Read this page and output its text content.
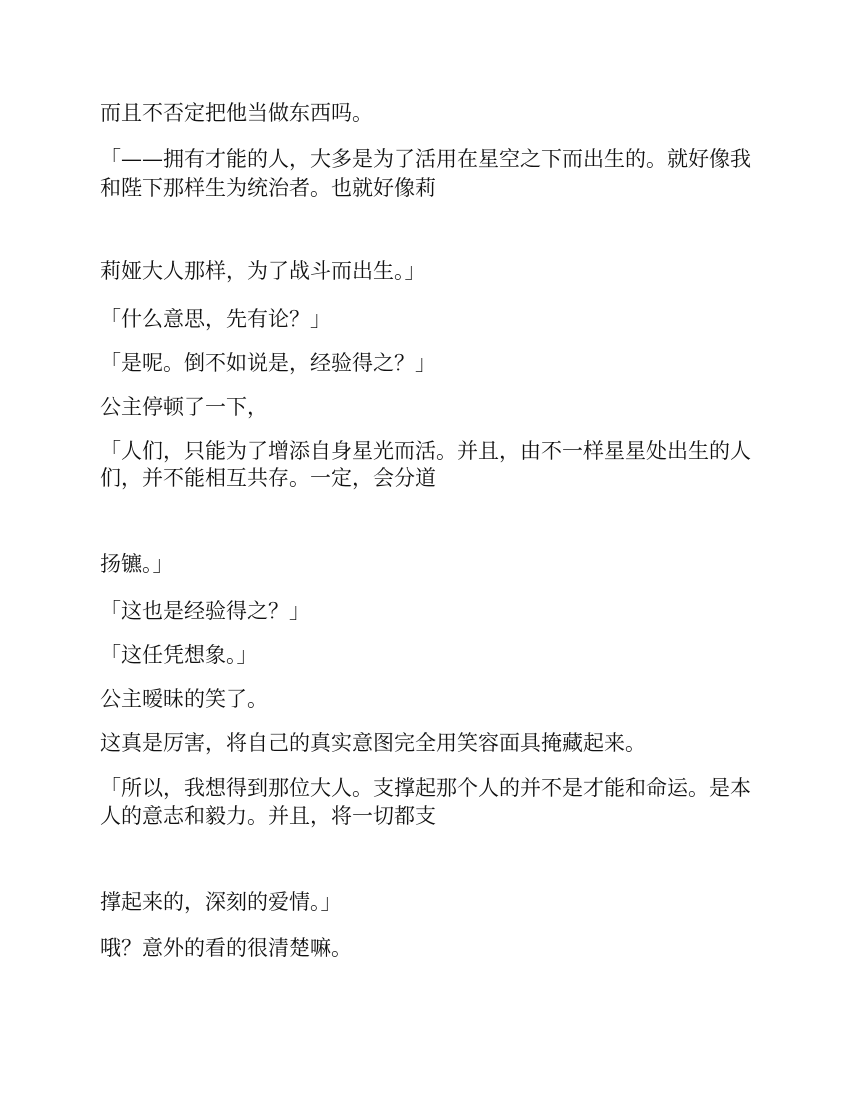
而且不否定把他当做东西吗。

「——拥有才能的人，大多是为了活用在星空之下而出生的。就好像我

和陛下那样生为统治者。也就好像莉

莉娅大人那样，为了战斗而出生。」

「什么意思，先有论？」

「是呢。倒不如说是，经验得之？」

公主停顿了一下，

「人们，只能为了增添自身星光而活。并且，由不一样星星处出生的人

们，并不能相互共存。一定，会分道

扬镳。」

「这也是经验得之？」

「这任凭想象。」

公主暧昧的笑了。

这真是厉害，将自己的真实意图完全用笑容面具掩藏起来。

「所以，我想得到那位大人。支撑起那个人的并不是才能和命运。是本

人的意志和毅力。并且，将一切都支

撑起来的，深刻的爱情。」

哦？意外的看的很清楚嘛。
